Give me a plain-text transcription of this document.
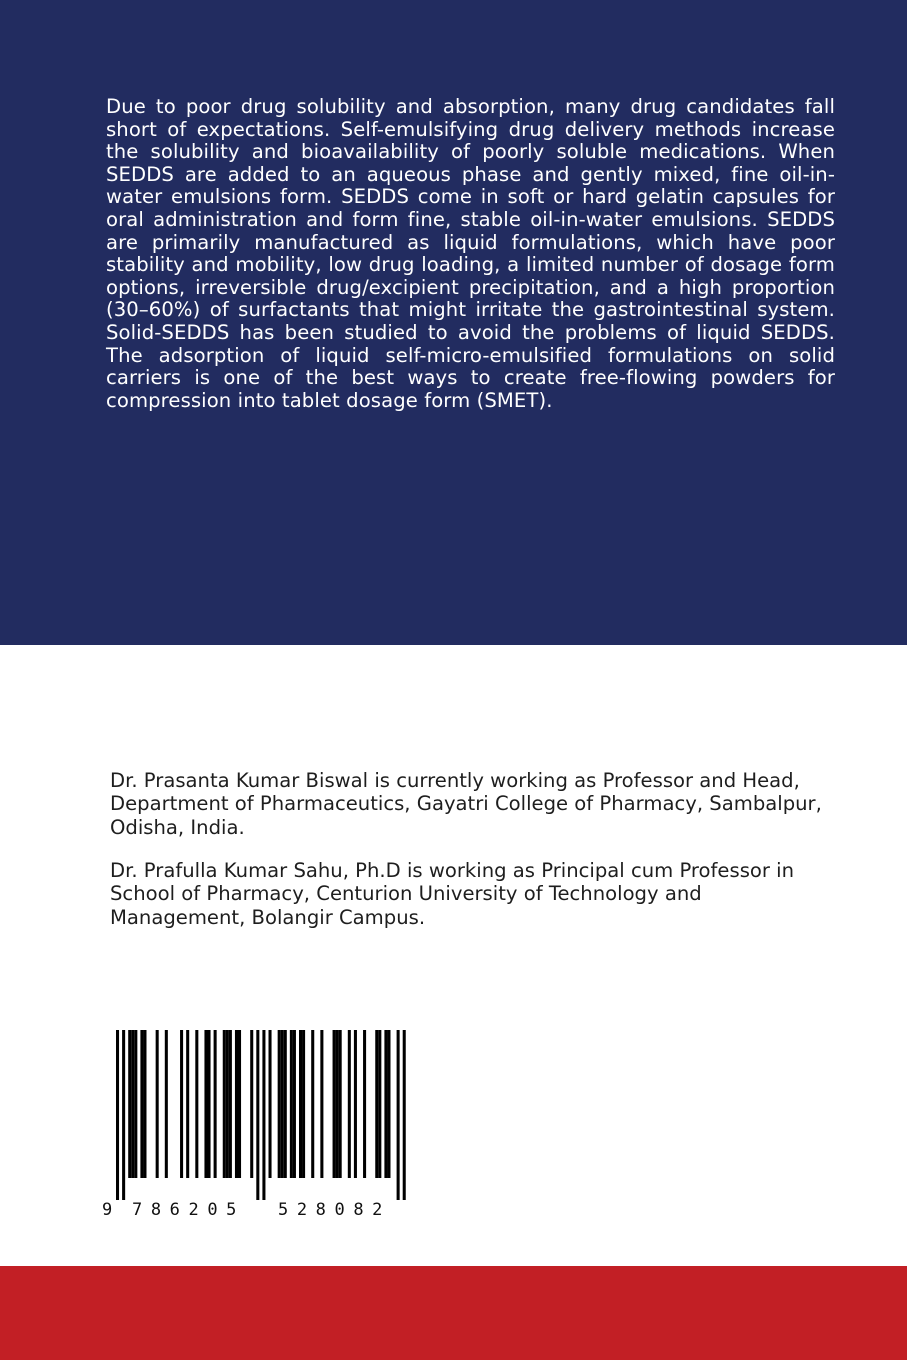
Due to poor drug solubility and absorption, many drug candidates fall short of expectations. Self-emulsifying drug delivery methods increase the solubility and bioavailability of poorly soluble medications. When SEDDS are added to an aqueous phase and gently mixed, fine oil-in-water emulsions form. SEDDS come in soft or hard gelatin capsules for oral administration and form fine, stable oil-in-water emulsions. SEDDS are primarily manufactured as liquid formulations, which have poor stability and mobility, low drug loading, a limited number of dosage form options, irreversible drug/excipient precipitation, and a high proportion (30–60%) of surfactants that might irritate the gastrointestinal system. Solid-SEDDS has been studied to avoid the problems of liquid SEDDS. The adsorption of liquid self-micro-emulsified formulations on solid carriers is one of the best ways to create free-flowing powders for compression into tablet dosage form (SMET).

Dr. Prasanta Kumar Biswal is currently working as Professor and Head, Department of Pharmaceutics, Gayatri College of Pharmacy, Sambalpur, Odisha, India.

Dr. Prafulla Kumar Sahu, Ph.D is working as Principal cum Professor in School of Pharmacy, Centurion University of Technology and Management, Bolangir Campus.

9 786205 528082
